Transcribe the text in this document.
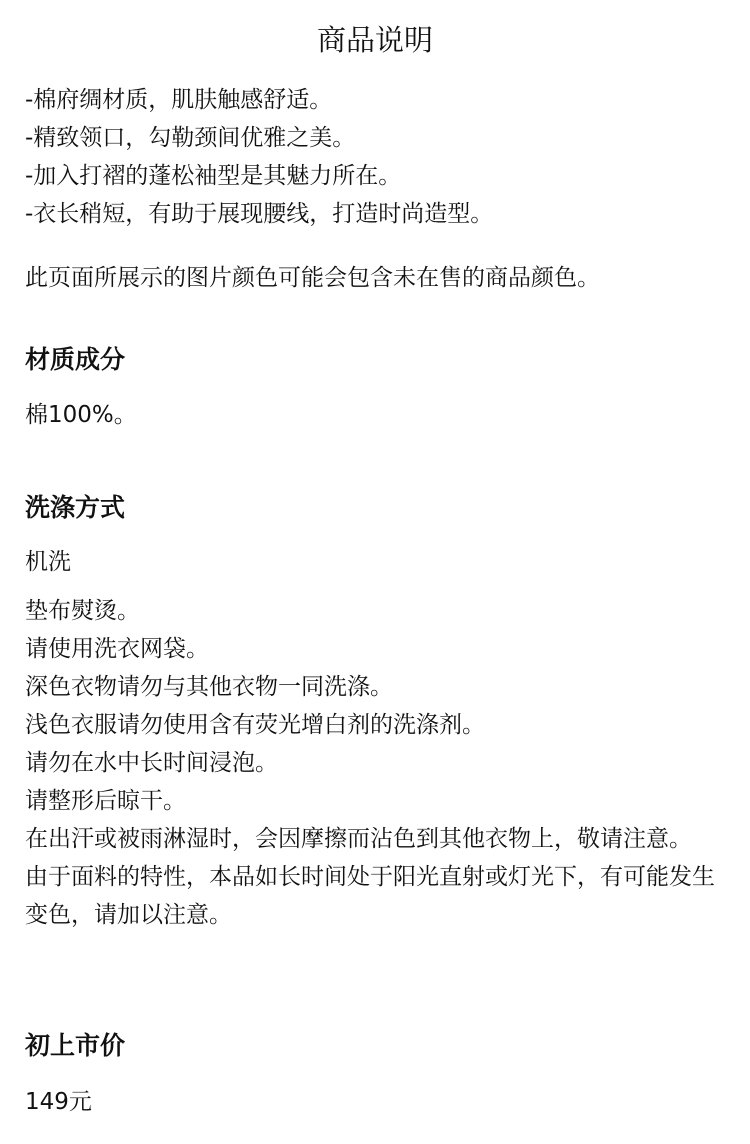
商品说明
-棉府绸材质，肌肤触感舒适。
-精致领口，勾勒颈间优雅之美。
-加入打褶的蓬松袖型是其魅力所在。
-衣长稍短，有助于展现腰线，打造时尚造型。

此页面所展示的图片颜色可能会包含未在售的商品颜色。

材质成分

棉100%。

洗涤方式

机洗

垫布熨烫。
请使用洗衣网袋。
深色衣物请勿与其他衣物一同洗涤。
浅色衣服请勿使用含有荧光增白剂的洗涤剂。
请勿在水中长时间浸泡。
请整形后晾干。
在出汗或被雨淋湿时，会因摩擦而沾色到其他衣物上，敬请注意。
由于面料的特性，本品如长时间处于阳光直射或灯光下，有可能发生变色，请加以注意。
初上市价

149元
